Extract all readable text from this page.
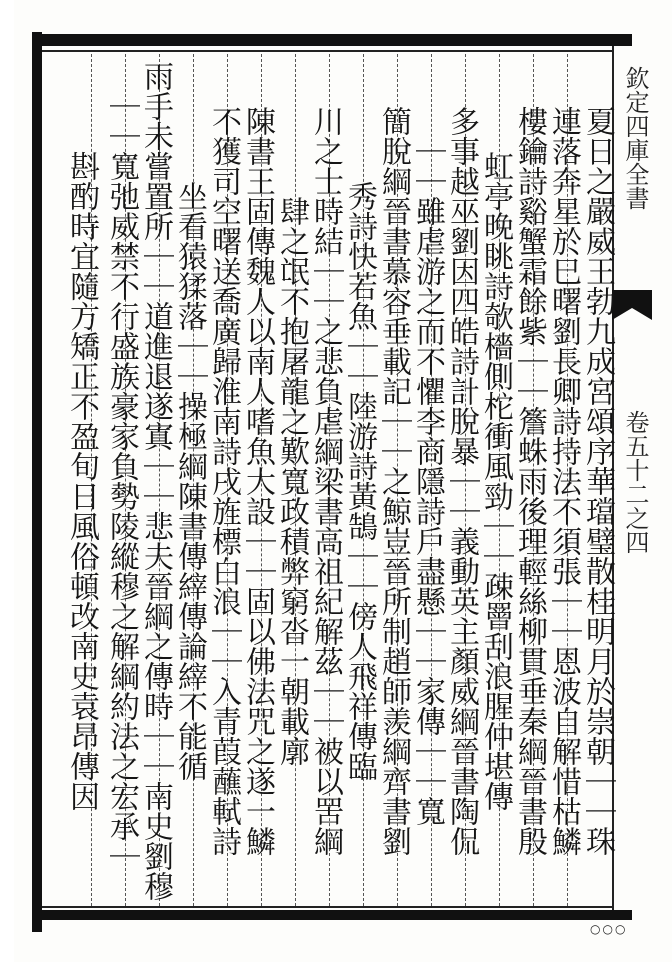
欽定四庫全書
卷五十二之四
夏日之嚴威王勃九成宮頌序華璫璧散桂明月於崇朝｜｜珠
連落奔星於巳曙劉長卿詩持法不須張｜｜恩波自解惜枯鱗
樓鑰詩谿蟹霜餘紫｜｜簷蛛雨後理輕絲柳貫垂秦綱晉書殷
虹亭晚眺詩欹檣側柁衝風勁｜｜疎罾刮浪腥仲堪傳
多事越巫劉因四皓詩計脫暴｜｜義動英主顏威綱晉書陶侃
｜｜雖虐游之而不懼李商隱詩戶盡懸｜｜家傳｜｜寬
簡脫綱晉書慕容垂載記｜｜之鯨豈晉所制趙師羨綱齊書劉
秀詩快若魚｜｜陸游詩黃鵠｜｜傍人飛祥傳臨
川之士時結｜｜之悲負虐綱梁書高祖紀解茲｜｜被以罟綱
肆之氓不抱屠龍之歎寬政積弊窮沓一朝載廓
陳書王固傳魏人以南人嗜魚大設｜｜固以佛法咒之遂一鱗
不獲司空曙送喬廣歸淮南詩戌旌標白浪｜｜入青葭蘸軾詩
坐看猿猱落｜｜操極綱陳書傳縡傳論縡不能循
雨手未嘗置所｜｜道進退遂寘｜｜悲夫晉綱之傳時｜｜南史劉穆
｜｜寬弛威禁不行盛族豪家負勢陵縱穆之解綱約法之宏承｜
斟酌時宜隨方矯正不盈旬日風俗頓改南史袁昂傳因
○○○
